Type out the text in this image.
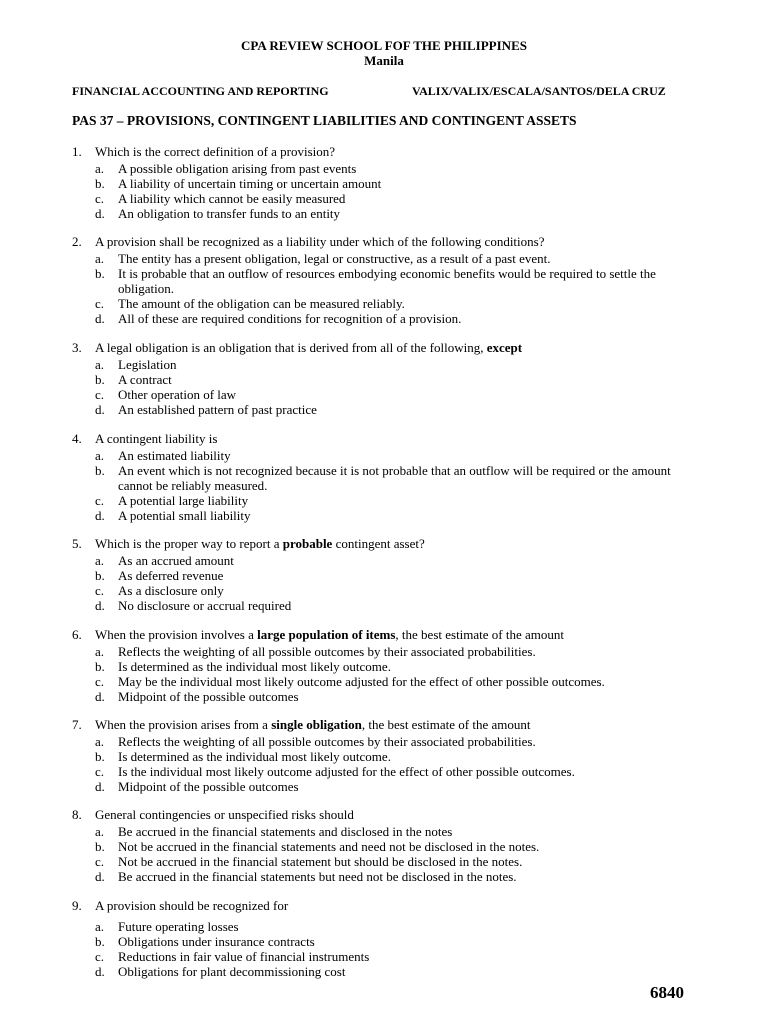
CPA REVIEW SCHOOL FOF THE PHILIPPINES
Manila
FINANCIAL ACCOUNTING AND REPORTING	VALIX/VALIX/ESCALA/SANTOS/DELA CRUZ
PAS 37 – PROVISIONS, CONTINGENT LIABILITIES AND CONTINGENT ASSETS
1.	Which is the correct definition of a provision?
a.	A possible obligation arising from past events
b.	A liability of uncertain timing or uncertain amount
c.	A liability which cannot be easily measured
d.	An obligation to transfer funds to an entity
2.	A provision shall be recognized as a liability under which of the following conditions?
a.	The entity has a present obligation, legal or constructive, as a result of a past event.
b.	It is probable that an outflow of resources embodying economic benefits would be required to settle the obligation.
c.	The amount of the obligation can be measured reliably.
d.	All of these are required conditions for recognition of a provision.
3.	A legal obligation is an obligation that is derived from all of the following, except
a.	Legislation
b.	A contract
c.	Other operation of law
d.	An established pattern of past practice
4.	A contingent liability is
a.	An estimated liability
b.	An event which is not recognized because it is not probable that an outflow will be required or the amount cannot be reliably measured.
c.	A potential large liability
d.	A potential small liability
5.	Which is the proper way to report a probable contingent asset?
a.	As an accrued amount
b.	As deferred revenue
c.	As a disclosure only
d.	No disclosure or accrual required
6.	When the provision involves a large population of items, the best estimate of the amount
a.	Reflects the weighting of all possible outcomes by their associated probabilities.
b.	Is determined as the individual most likely outcome.
c.	May be the individual most likely outcome adjusted for the effect of other possible outcomes.
d.	Midpoint of the possible outcomes
7.	When the provision arises from a single obligation, the best estimate of the amount
a.	Reflects the weighting of all possible outcomes by their associated probabilities.
b.	Is determined as the individual most likely outcome.
c.	Is the individual most likely outcome adjusted for the effect of other possible outcomes.
d.	Midpoint of the possible outcomes
8.	General contingencies or unspecified risks should
a.	Be accrued in the financial statements and disclosed in the notes
b.	Not be accrued in the financial statements and need not be disclosed in the notes.
c.	Not be accrued in the financial statement but should be disclosed in the notes.
d.	Be accrued in the financial statements but need not be disclosed in the notes.
9.	A provision should be recognized for
a.	Future operating losses
b.	Obligations under insurance contracts
c.	Reductions in fair value of financial instruments
d.	Obligations for plant decommissioning cost
6840
